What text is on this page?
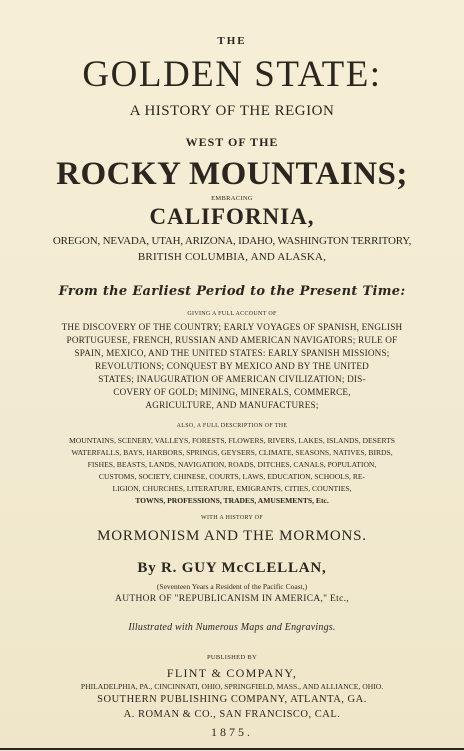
THE

GOLDEN STATE:

A HISTORY OF THE REGION

WEST OF THE

ROCKY MOUNTAINS;

EMBRACING

CALIFORNIA,

OREGON, NEVADA, UTAH, ARIZONA, IDAHO, WASHINGTON TERRITORY,

BRITISH COLUMBIA, AND ALASKA,

From the Earliest Period to the Present Time:

GIVING A FULL ACCOUNT OF

THE DISCOVERY OF THE COUNTRY; EARLY VOYAGES OF SPANISH, ENGLISH

PORTUGUESE, FRENCH, RUSSIAN AND AMERICAN NAVIGATORS; RULE OF

SPAIN, MEXICO, AND THE UNITED STATES: EARLY SPANISH MISSIONS;

REVOLUTIONS; CONQUEST BY MEXICO AND BY THE UNITED

STATES; INAUGURATION OF AMERICAN CIVILIZATION; DIS-

COVERY OF GOLD; MINING, MINERALS, COMMERCE,

AGRICULTURE, AND MANUFACTURES;

ALSO, A FULL DESCRIPTION OF THE

MOUNTAINS, SCENERY, VALLEYS, FORESTS, FLOWERS, RIVERS, LAKES, ISLANDS, DESERTS

WATERFALLS, BAYS, HARBORS, SPRINGS, GEYSERS, CLIMATE, SEASONS, NATIVES, BIRDS,

FISHES, BEASTS, LANDS, NAVIGATION, ROADS, DITCHES, CANALS, POPULATION,

CUSTOMS, SOCIETY, CHINESE, COURTS, LAWS, EDUCATION, SCHOOLS, RE-

LIGION, CHURCHES, LITERATURE, EMIGRANTS, CITIES, COUNTIES,

TOWNS, PROFESSIONS, TRADES, AMUSEMENTS, Etc.

WITH A HISTORY OF

MORMONISM AND THE MORMONS.

By R. GUY McCLELLAN,

(Seventeen Years a Resident of the Pacific Coast,)

AUTHOR OF "REPUBLICANISM IN AMERICA," Etc.,

Illustrated with Numerous Maps and Engravings.

PUBLISHED BY

FLINT & COMPANY,

PHILADELPHIA, PA., CINCINNATI, OHIO, SPRINGFIELD, MASS., AND ALLIANCE, OHIO.

SOUTHERN PUBLISHING COMPANY, ATLANTA, GA.

A. ROMAN & CO., SAN FRANCISCO, CAL.

1875.
